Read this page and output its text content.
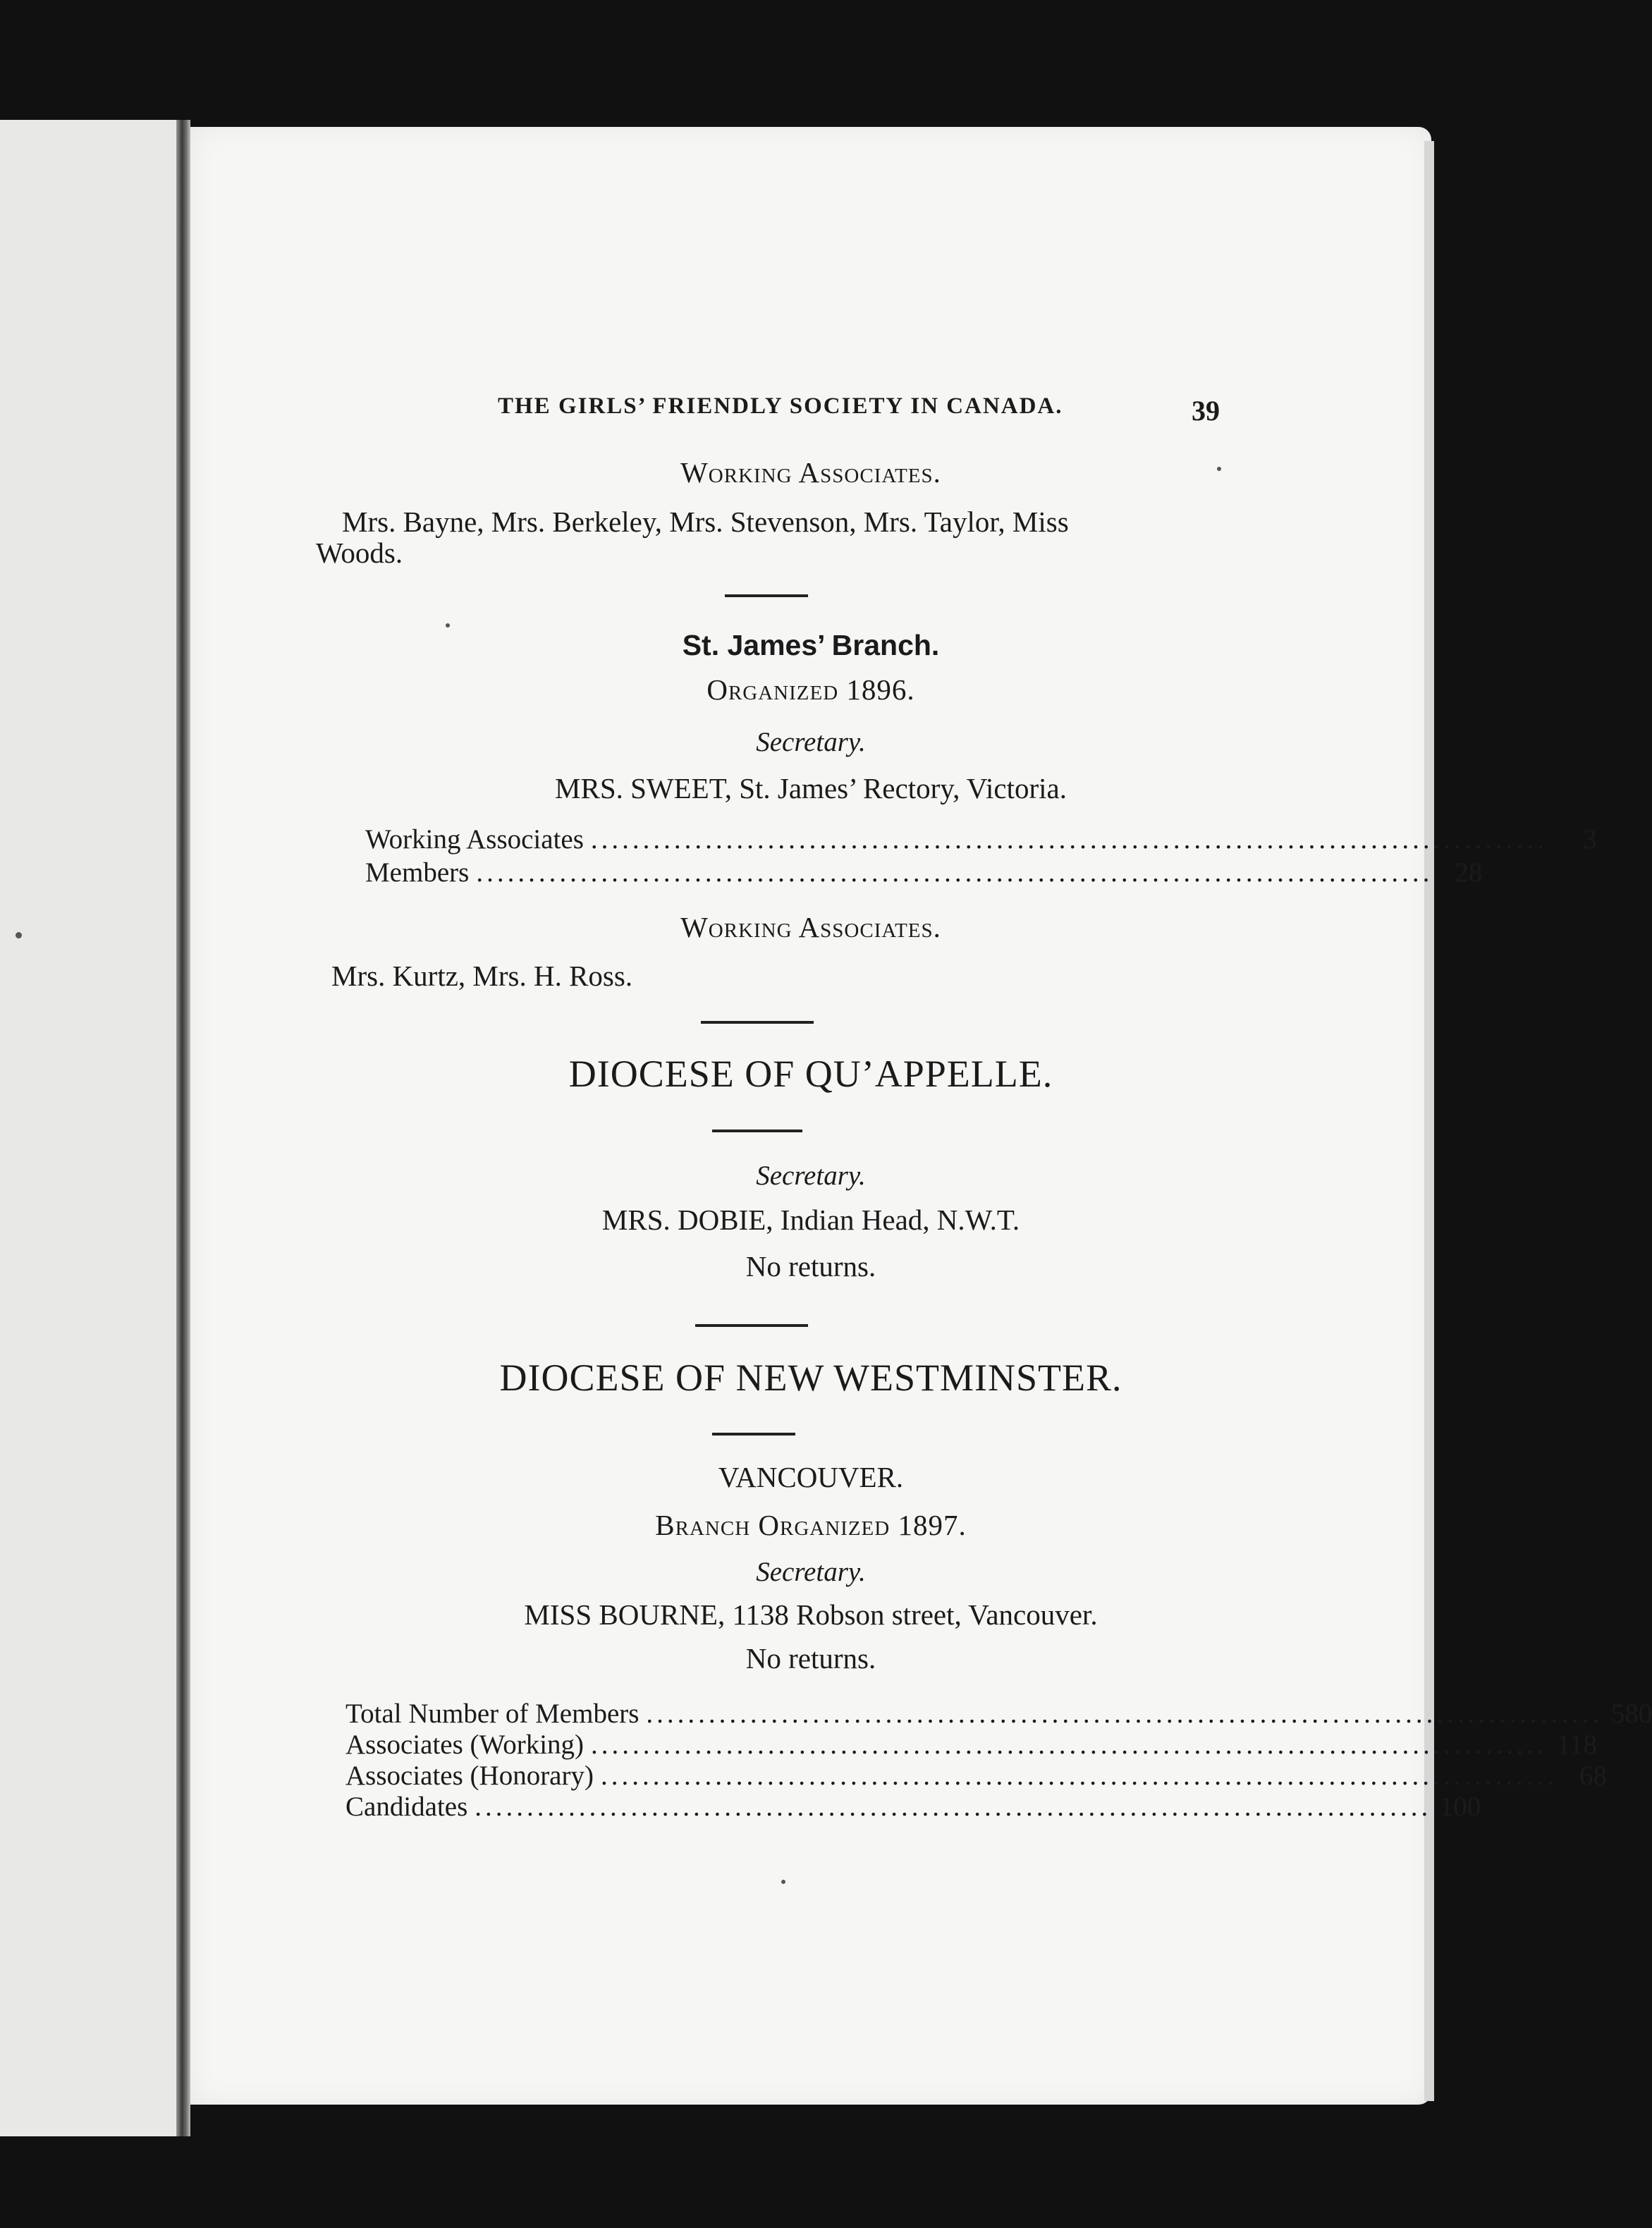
THE GIRLS’ FRIENDLY SOCIETY IN CANADA.	39
Working Associates.
Mrs. Bayne, Mrs. Berkeley, Mrs. Stevenson, Mrs. Taylor, Miss
Woods.
St. James’ Branch.
Organized 1896.
Secretary.
MRS. SWEET, St. James’ Rectory, Victoria.
Working Associates ............................................................................................	3
Members ............................................................................................ 28
Working Associates.
Mrs. Kurtz, Mrs. H. Ross.
DIOCESE OF QU’APPELLE.
Secretary.
MRS. DOBIE, Indian Head, N.W.T.
No returns.
DIOCESE OF NEW WESTMINSTER.
VANCOUVER.
Branch Organized 1897.
Secretary.
MISS BOURNE, 1138 Robson street, Vancouver.
No returns.
Total Number of Members ............................................................................................ 580
Associates (Working) ............................................................................................ 118
Associates (Honorary) ............................................................................................ 68
Candidates ............................................................................................ 100
